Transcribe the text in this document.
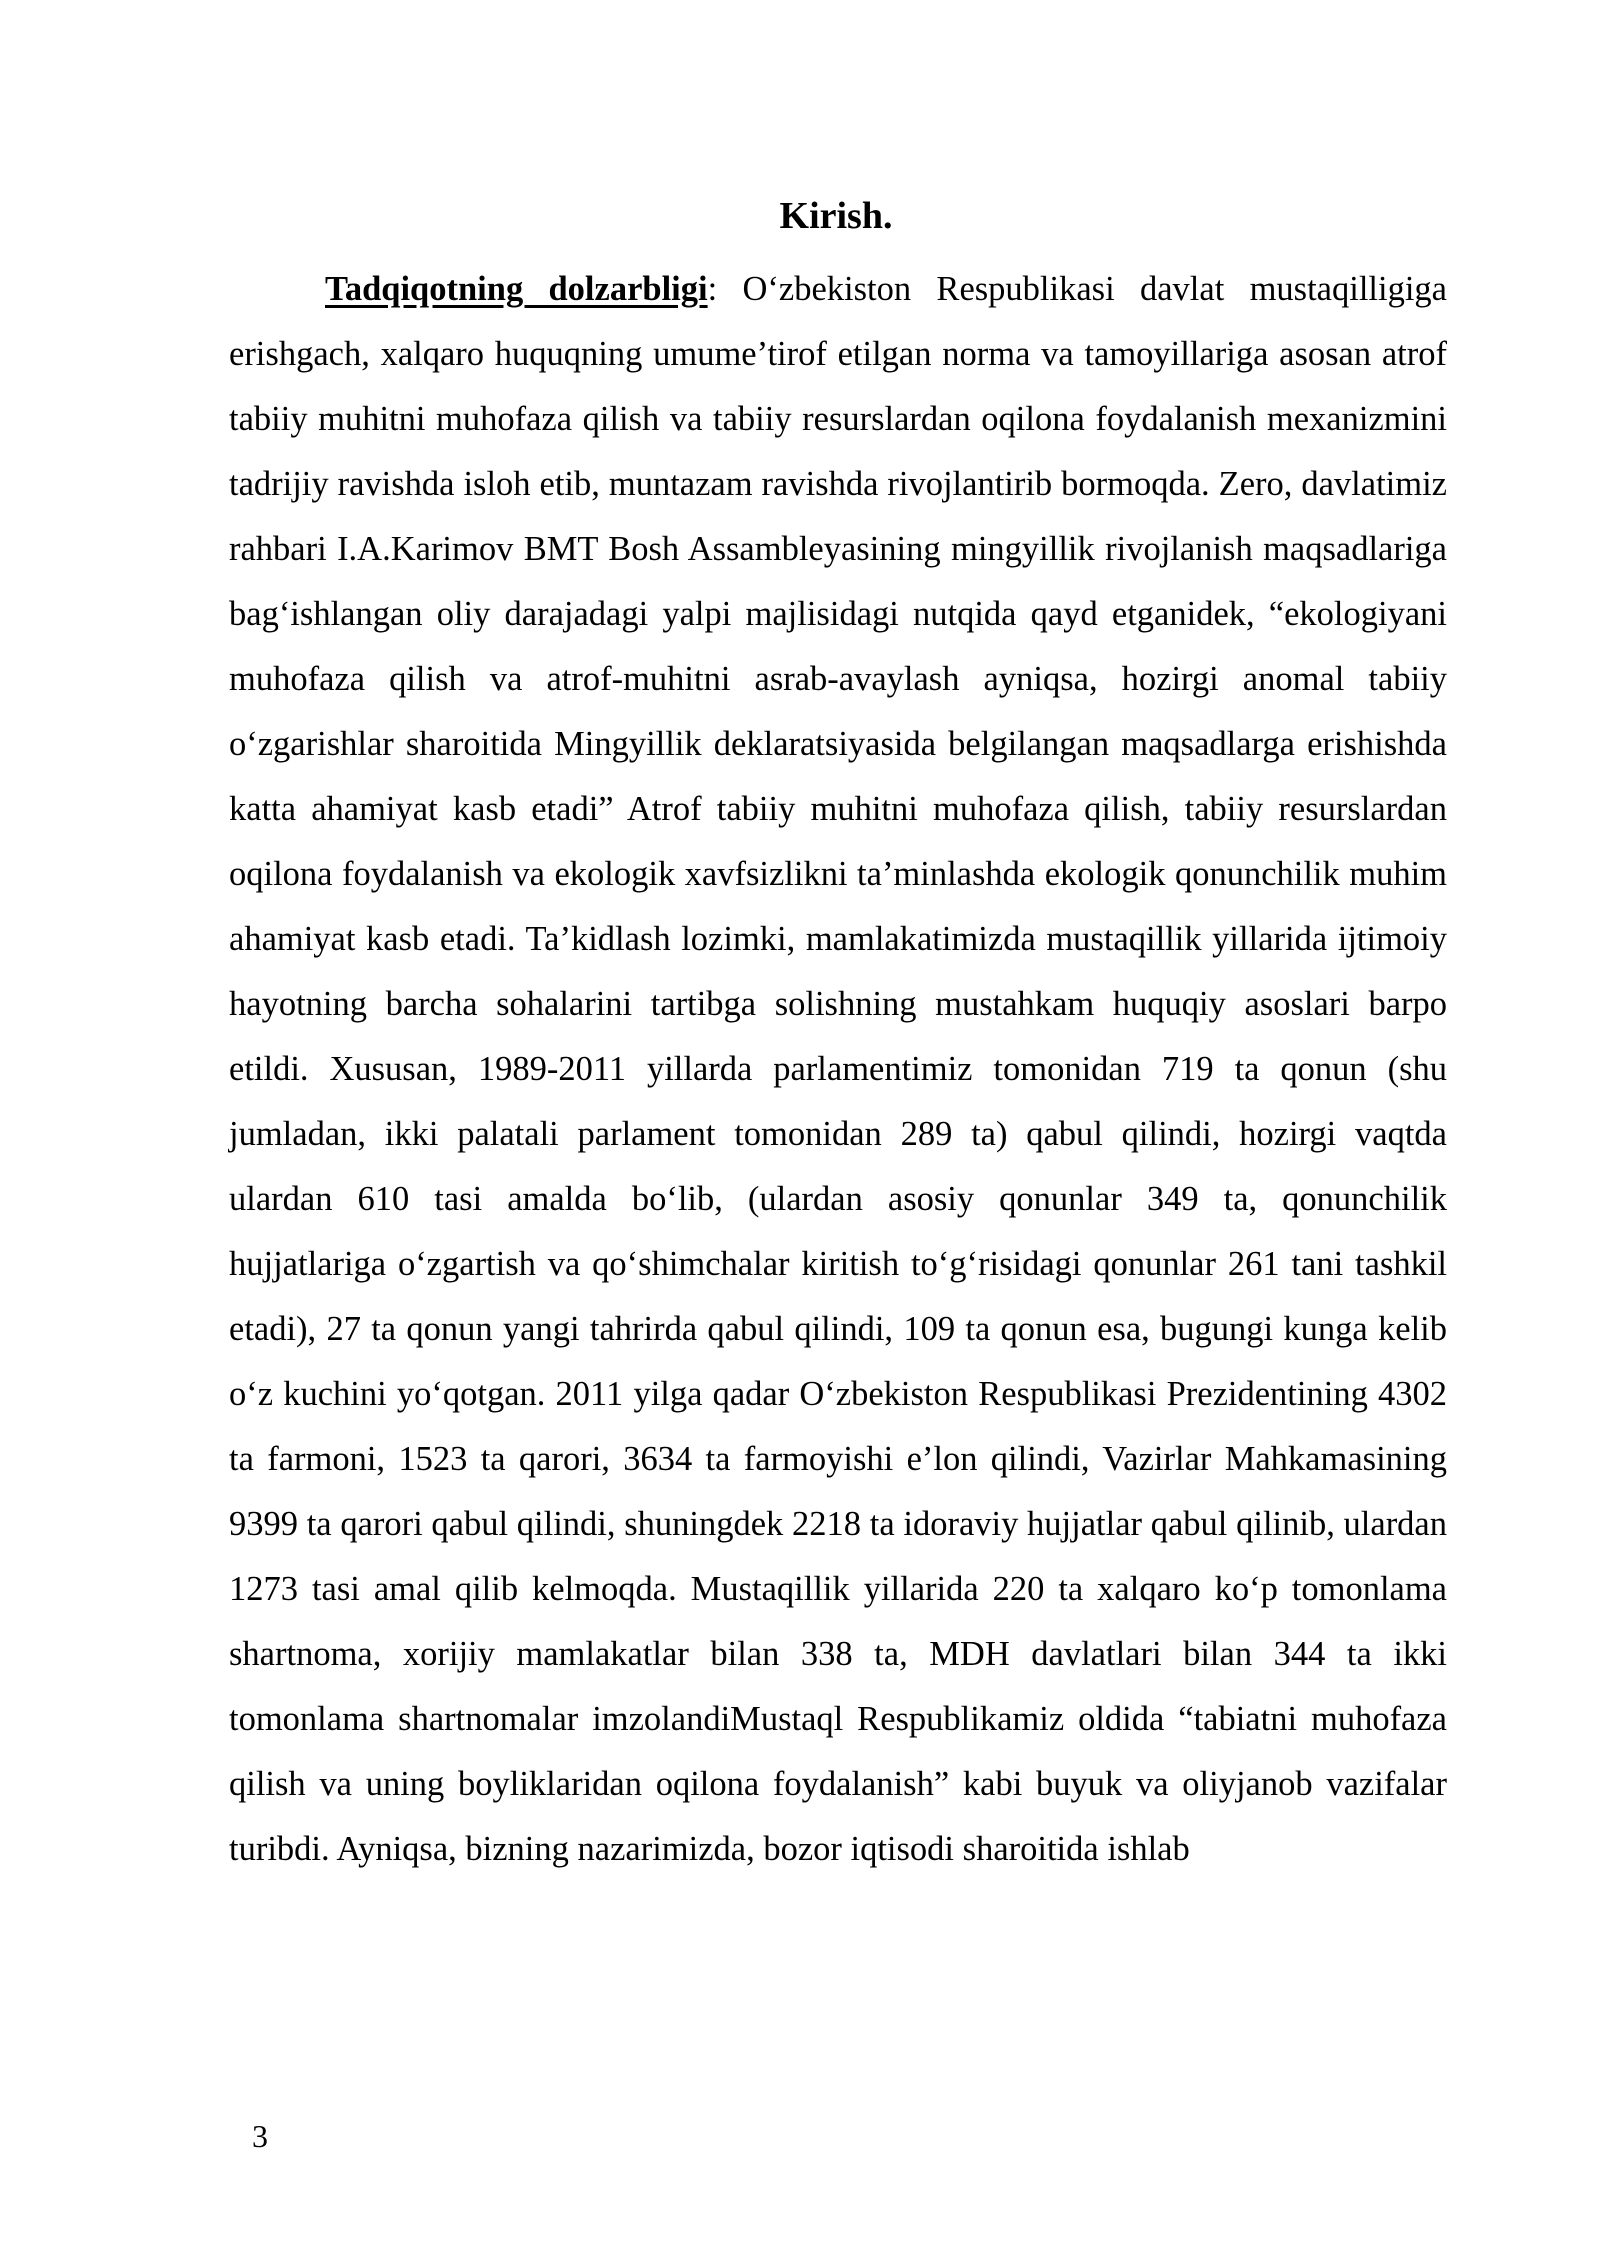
Kirish.

Tadqiqotning dolzarbligi: O‘zbekiston Respublikasi davlat mustaqilligiga erishgach, xalqaro huquqning umume’tirof etilgan norma va tamoyillariga asosan atrof tabiiy muhitni muhofaza qilish va tabiiy resurslardan oqilona foydalanish mexanizmini tadrijiy ravishda isloh etib, muntazam ravishda rivojlantirib bormoqda. Zero, davlatimiz rahbari I.A.Karimov BMT Bosh Assambleyasining mingyillik rivojlanish maqsadlariga bag‘ishlangan oliy darajadagi yalpi majlisidagi nutqida qayd etganidek, “ekologiyani muhofaza qilish va atrof-muhitni asrab-avaylash ayniqsa, hozirgi anomal tabiiy o‘zgarishlar sharoitida Mingyillik deklaratsiyasida belgilangan maqsadlarga erishishda katta ahamiyat kasb etadi” Atrof tabiiy muhitni muhofaza qilish, tabiiy resurslardan oqilona foydalanish va ekologik xavfsizlikni ta’minlashda ekologik qonunchilik muhim ahamiyat kasb etadi. Ta’kidlash lozimki, mamlakatimizda mustaqillik yillarida ijtimoiy hayotning barcha sohalarini tartibga solishning mustahkam huquqiy asoslari barpo etildi. Xususan, 1989-2011 yillarda parlamentimiz tomonidan 719 ta qonun (shu jumladan, ikki palatali parlament tomonidan 289 ta) qabul qilindi, hozirgi vaqtda ulardan 610 tasi amalda bo‘lib, (ulardan asosiy qonunlar 349 ta, qonunchilik hujjatlariga o‘zgartish va qo‘shimchalar kiritish to‘g‘risidagi qonunlar 261 tani tashkil etadi), 27 ta qonun yangi tahrirda qabul qilindi, 109 ta qonun esa, bugungi kunga kelib o‘z kuchini yo‘qotgan. 2011 yilga qadar O‘zbekiston Respublikasi Prezidentining 4302 ta farmoni, 1523 ta qarori, 3634 ta farmoyishi e’lon qilindi, Vazirlar Mahkamasining 9399 ta qarori qabul qilindi, shuningdek 2218 ta idoraviy hujjatlar qabul qilinib, ulardan 1273 tasi amal qilib kelmoqda. Mustaqillik yillarida 220 ta xalqaro ko‘p tomonlama shartnoma, xorijiy mamlakatlar bilan 338 ta, MDH davlatlari bilan 344 ta ikki tomonlama shartnomalar imzolandiMustaql Respublikamiz oldida “tabiatni muhofaza qilish va uning boyliklaridan oqilona foydalanish” kabi buyuk va oliyjanob vazifalar turibdi. Ayniqsa, bizning nazarimizda, bozor iqtisodi sharoitida ishlab

3
